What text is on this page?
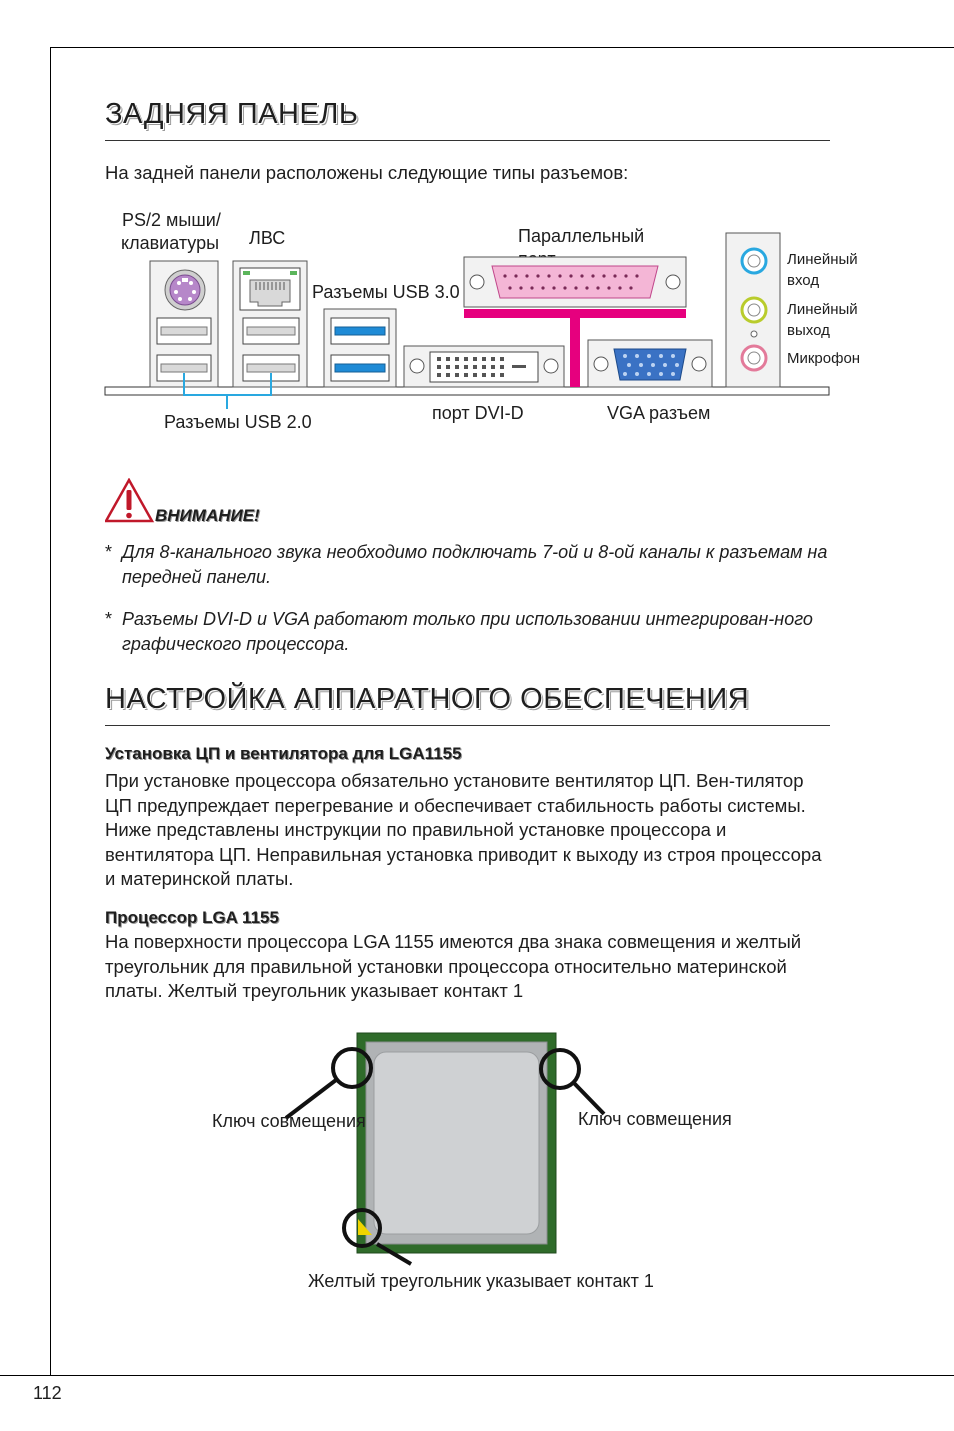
ЗАДНЯЯ ПАНЕЛЬ
На задней панели расположены следующие типы разъемов:
PS/2 мыши/
клавиатуры ЛВС
Разъемы USB 3.0
Параллельный
Линейный
вход
Линейный
выход
Микрофон
Разъемы USB 2.0	порт DVI-D	VGA разъем
ВНИМАНИЕ!
* Для 8-канального звука необходимо подключать 7-ой и 8-ой каналы к разъемам на передней панели.
* Разъемы DVI-D и VGA работают только при использовании интегрирован-ного графического процессора.
НАСТРОЙКА АППАРАТНОГО ОБЕСПЕЧЕНИЯ
Установка ЦП и вентилятора для LGA1155
При установке процессора обязательно установите вентилятор ЦП. Вен-тилятор ЦП предупреждает перегревание и обеспечивает стабильность работы системы. Ниже представлены инструкции по правильной установке процессора и вентилятора ЦП. Неправильная установка приводит к выходу из строя процессора и материнской платы.
Процессор LGA 1155
На поверхности процессора LGA 1155 имеются два знака совмещения и желтый треугольник для правильной установки процессора относительно материнской платы. Желтый треугольник указывает контакт 1
Ключ совмещения	Ключ совмещения
Желтый треугольник указывает контакт 1
112
